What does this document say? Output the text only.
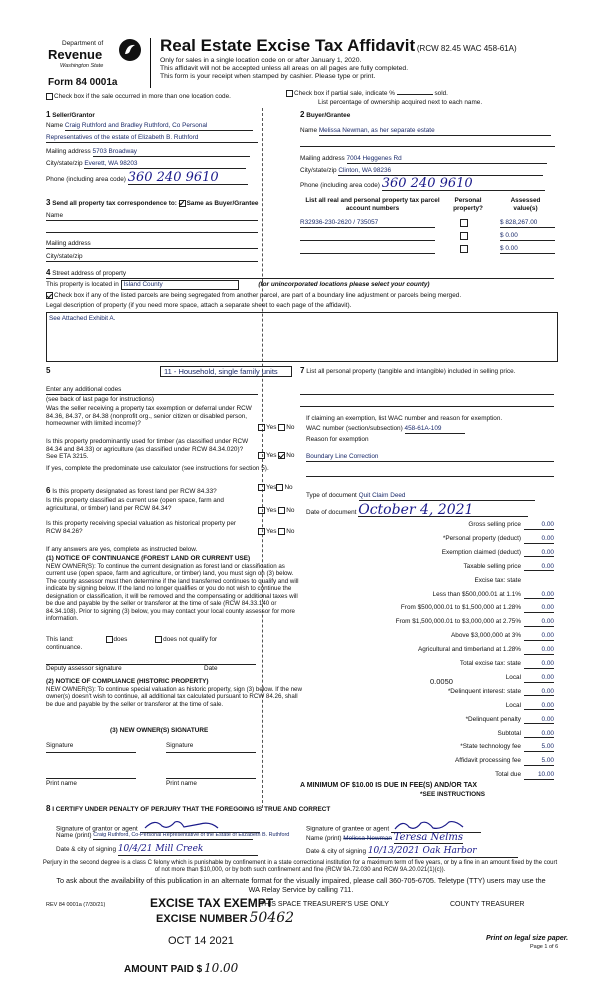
Department of
Revenue
Washington State
Form 84 0001a
Real Estate Excise Tax Affidavit (RCW 82.45 WAC 458-61A)
Only for sales in a single location code on or after January 1, 2020.
This affidavit will not be accepted unless all areas on all pages are fully completed.
This form is your receipt when stamped by cashier. Please type or print.
Check box if the sale occurred in more than one location code.	Check box if partial sale, indicate %	sold.
List percentage of ownership acquired next to each name.
1 Seller/Grantor
Name Craig Ruthford and Bradley Ruthford, Co Personal
Representatives of the estate of Elizabeth B. Ruthford
Mailing address 5703 Broadway
City/state/zip Everett, WA 98203
Phone (including area code) 360 240 9610
2 Buyer/Grantee
Name Melissa Newman, as her separate estate
Mailing address 7004 Heggenes Rd
City/state/zip Clinton, WA 98236
Phone (including area code) 360 240 9610
3 Send all property tax correspondence to: Same as Buyer/Grantee
Name
Mailing address
City/state/zip
List all real and personal property tax parcel account numbers
Personal property?
Assessed value(s)
R32936-230-2620 / 735057	$ 828,267.00
$ 0.00
$ 0.00
4 Street address of property
This property is located in Island County	(for unincorporated locations please select your county)
Check box if any of the listed parcels are being segregated from another parcel, are part of a boundary line adjustment or parcels being merged.
Legal description of property (if you need more space, attach a separate sheet to each page of the affidavit).
See Attached Exhibit A.
5	11 - Household, single family units
Enter any additional codes
(see back of last page for instructions)
Was the seller receiving a property tax exemption or deferral under RCW 84.36, 84.37, or 84.38 (nonprofit org., senior citizen or disabled person, homeowner with limited income)?
Yes No
Is this property predominantly used for timber (as classified under RCW 84.34 and 84.33) or agriculture (as classified under RCW 84.34.020)? See ETA 3215.	Yes No
If yes, complete the predominate use calculator (see instructions for section 5).
6 Is this property designated as forest land per RCW 84.33?
Yes No
Is this property classified as current use (open space, farm and agricultural, or timber) land per RCW 84.34?	Yes No
Is this property receiving special valuation as historical property per RCW 84.26?	Yes No
If any answers are yes, complete as instructed below.
(1) NOTICE OF CONTINUANCE (FOREST LAND OR CURRENT USE)
NEW OWNER(S): To continue the current designation as forest land or classification as current use (open space, farm and agriculture, or timber) land, you must sign on (3) below. The county assessor must then determine if the land transferred continues to qualify and will indicate by signing below. If the land no longer qualifies or you do not wish to continue the designation or classification, it will be removed and the compensating or additional taxes will be due and payable by the seller or transferor at the time of sale (RCW 84.33.140 or 84.34.108). Prior to signing (3) below, you may contact your local county assessor for more information.
This land:	does	does not qualify for
continuance.
Deputy assessor signature	Date
(2) NOTICE OF COMPLIANCE (HISTORIC PROPERTY)
NEW OWNER(S): To continue special valuation as historic property, sign (3) below. If the new owner(s) doesn't wish to continue, all additional tax calculated pursuant to RCW 84.26, shall be due and payable by the seller or transferor at the time of sale.
(3) NEW OWNER(S) SIGNATURE
Signature	Signature
Print name	Print name
7 List all personal property (tangible and intangible) included in selling price.
If claiming an exemption, list WAC number and reason for exemption.
WAC number (section/subsection) 458-61A-109
Reason for exemption
Boundary Line Correction
Type of document Quit Claim Deed
Date of document October 4, 2021
Gross selling price	0.00
*Personal property (deduct)	0.00
Exemption claimed (deduct)	0.00
Taxable selling price	0.00
Excise tax: state
Less than $500,000.01 at 1.1%	0.00
From $500,000.01 to $1,500,000 at 1.28%	0.00
From $1,500,000.01 to $3,000,000 at 2.75%	0.00
Above $3,000,000 at 3%	0.00
Agricultural and timberland at 1.28%	0.00
Total excise tax: state	0.00
Local	0.00
*Delinquent interest: state	0.00
Local	0.00
*Delinquent penalty	0.00
Subtotal	0.00
*State technology fee	5.00
Affidavit processing fee	5.00
Total due	10.00
0.0050
A MINIMUM OF $10.00 IS DUE IN FEE(S) AND/OR TAX
*SEE INSTRUCTIONS
8 I CERTIFY UNDER PENALTY OF PERJURY THAT THE FOREGOING IS TRUE AND CORRECT
Signature of grantor or agent
Name (print) Craig Ruthford, Co-Personal Representative of the Estate of Elizabeth B. Ruthford
Date & city of signing 10/4/21 Mill Creek
Signature of grantee or agent
Name (print) Melissa Newman Teresa Nelms
Date & city of signing 10/13/2021 Oak Harbor
Perjury in the second degree is a class C felony which is punishable by confinement in a state correctional institution for a maximum term of five years, or by a fine in an amount fixed by the court of not more than $10,000, or by both such confinement and fine (RCW 9A.72.030 and RCW 9A.20.021(1)(c)).
To ask about the availability of this publication in an alternate format for the visually impaired, please call 360-705-6705. Teletype (TTY) users may use the WA Relay Service by calling 711.
REV 84 0001a (7/30/21)	EXCISE TAX EXEMPT
THIS SPACE TREASURER'S USE ONLY	COUNTY TREASURER
EXCISE NUMBER 50462
OCT 14 2021	Print on legal size paper.
Page 1 of 6
AMOUNT PAID $ 10.00
